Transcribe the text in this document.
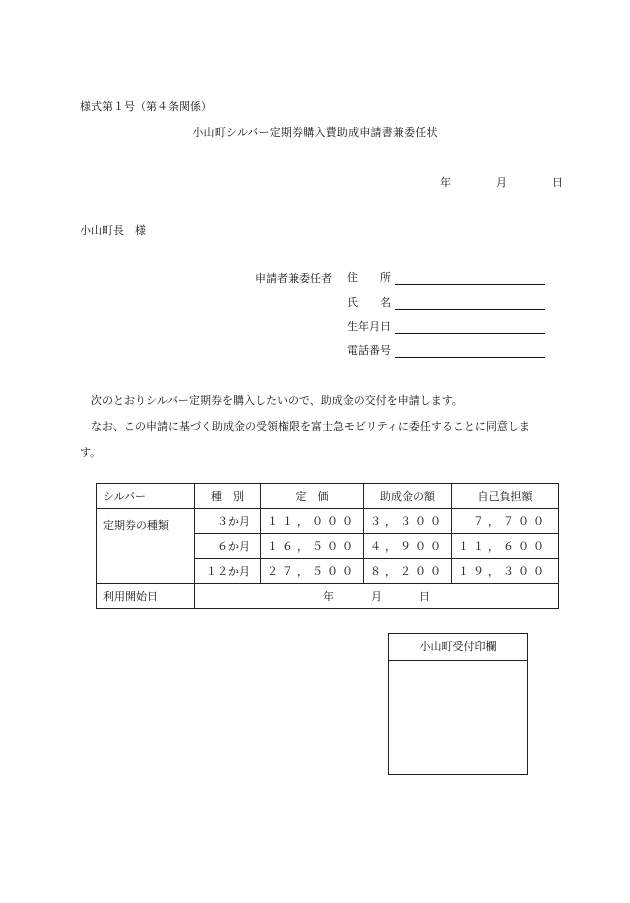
様式第１号（第４条関係）
小山町シルバー定期券購入費助成申請書兼委任状
年	月	日
小山町長　様
申請者兼委任者 住　　所
氏　　名
生年月日
電話番号

次のとおりシルバー定期券を購入したいので、助成金の交付を申請します。

なお、この申請に基づく助成金の受領権限を富士急モビリティに委任することに同意します。

シルバー	種　別	定　価	助成金の額	自己負担額
定期券の種類	３か月	１１，０００	３，３００	７，７００
	６か月	１６，５００	４，９００	１１，６００
	１２か月	２７，５００	８，２００	１９，３００
利用開始日	年 月 日			
小山町受付印欄
